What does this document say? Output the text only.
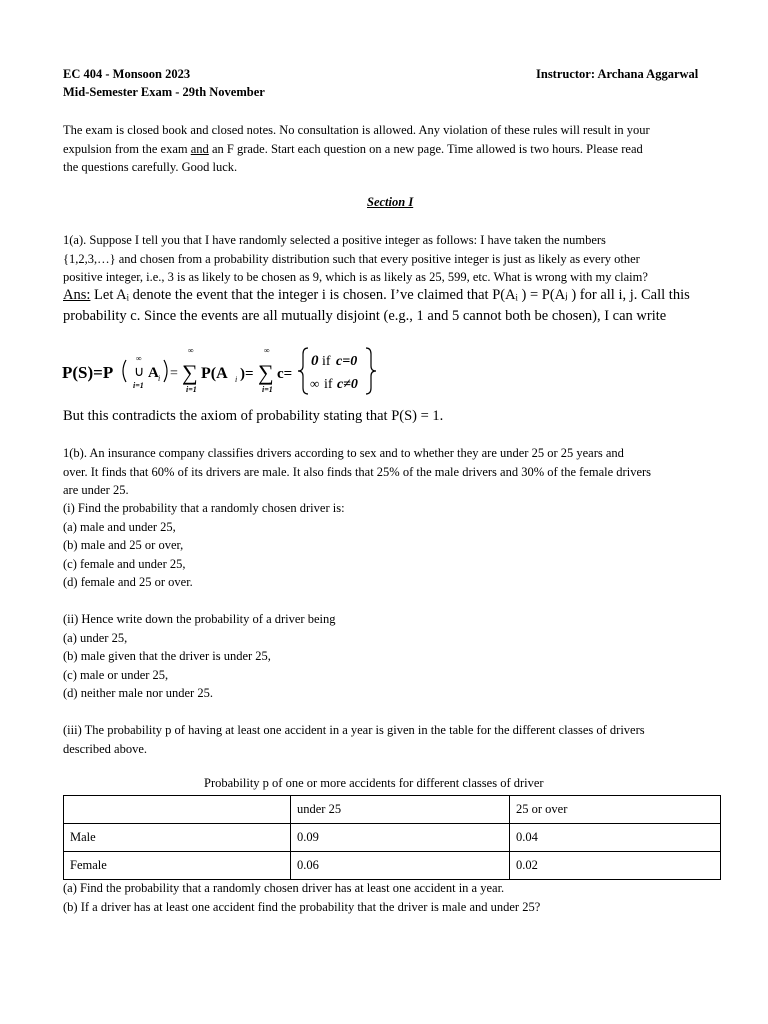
EC 404 - Monsoon 2023
Mid-Semester Exam - 29th November
Instructor: Archana Aggarwal

The exam is closed book and closed notes. No consultation is allowed. Any violation of these rules will result in your

expulsion from the exam and an F grade. Start each question on a new page. Time allowed is two hours. Please read

the questions carefully. Good luck.

Section I

1(a). Suppose I tell you that I have randomly selected a positive integer as follows: I have taken the numbers

{1,2,3,…} and chosen from a probability distribution such that every positive integer is just as likely as every other

positive integer, i.e., 3 is as likely to be chosen as 9, which is as likely as 25, 599, etc. What is wrong with my claim?

Ans: Let Aᵢ denote the event that the integer i is chosen. I’ve claimed that P(Aᵢ ) = P(Aⱼ ) for all i, j. Call this

probability c. Since the events are all mutually disjoint (e.g., 1 and 5 cannot both be chosen), I can write

P(S)=P
∞
∪
i=1
A i =
∞
∑
i=1
P(A i )=
∞
∑
i=1
c=
0 if c=0
∞ if c≠0
But this contradicts the axiom of probability stating that P(S) = 1.

1(b). An insurance company classifies drivers according to sex and to whether they are under 25 or 25 years and

over. It finds that 60% of its drivers are male. It also finds that 25% of the male drivers and 30% of the female drivers

are under 25.

(i) Find the probability that a randomly chosen driver is:
(a) male and under 25,
(b) male and 25 or over,
(c) female and under 25,
(d) female and 25 or over.
(ii) Hence write down the probability of a driver being
(a) under 25,
(b) male given that the driver is under 25,
(c) male or under 25,
(d) neither male nor under 25.

(iii) The probability p of having at least one accident in a year is given in the table for the different classes of drivers

described above.

Probability p of one or more accidents for different classes of driver
	under 25	25 or over
Male	0.09	0.04
Female	0.06	0.02
(a) Find the probability that a randomly chosen driver has at least one accident in a year.
(b) If a driver has at least one accident find the probability that the driver is male and under 25?
